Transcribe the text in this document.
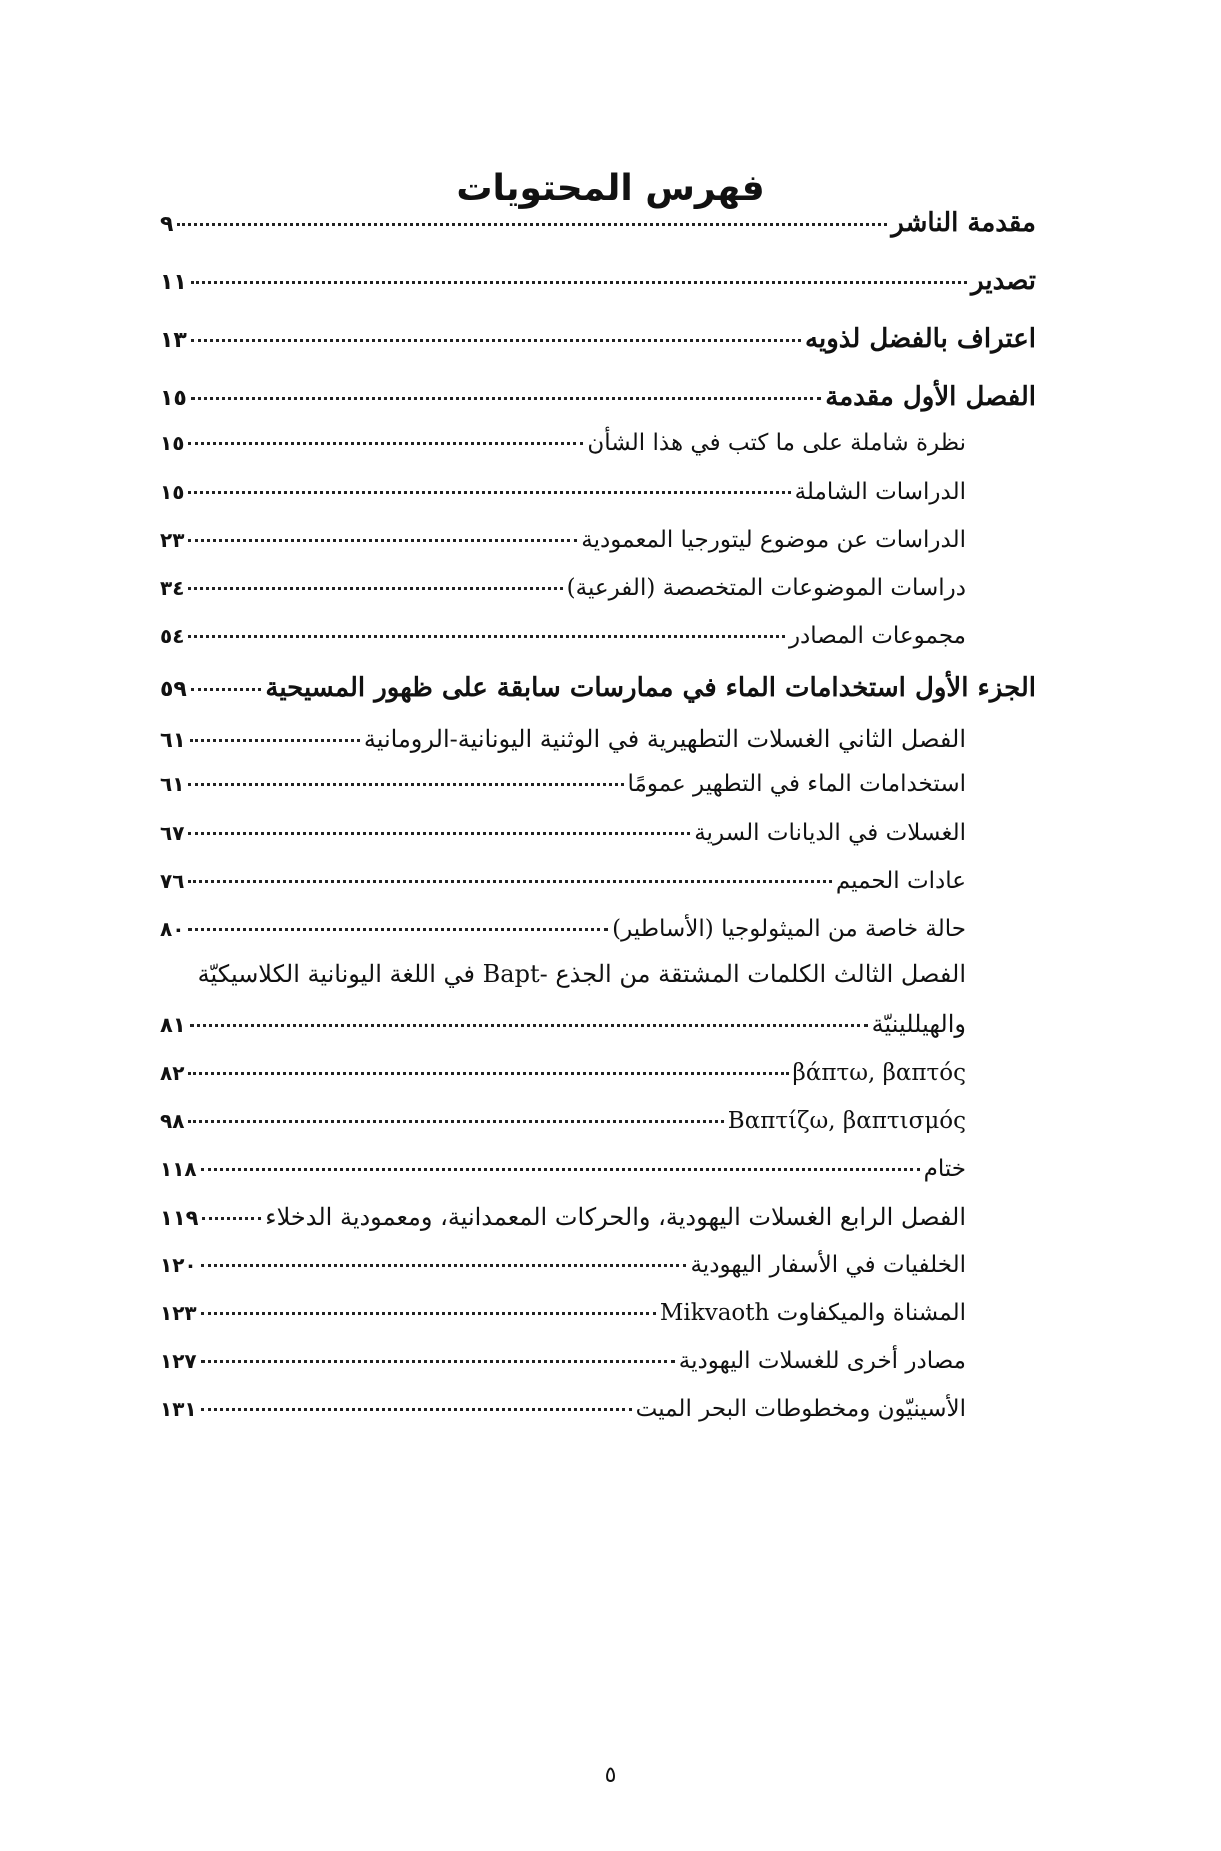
فهرس المحتويات
مقدمة الناشر
٩
تصدير
١١
اعتراف بالفضل لذويه
١٣
الفصل الأول مقدمة
١٥
نظرة شاملة على ما كتب في هذا الشأن
١٥
الدراسات الشاملة
١٥
الدراسات عن موضوع ليتورجيا المعمودية
٢٣
دراسات الموضوعات المتخصصة (الفرعية)
٣٤
مجموعات المصادر
٥٤
الجزء الأول استخدامات الماء في ممارسات سابقة على ظهور المسيحية
٥٩
الفصل الثاني الغسلات التطهيرية في الوثنية اليونانية-الرومانية
٦١
استخدامات الماء في التطهير عمومًا
٦١
الغسلات في الديانات السرية
٦٧
عادات الحميم
٧٦
حالة خاصة من الميثولوجيا (الأساطير)
٨٠
الفصل الثالث الكلمات المشتقة من الجذع -Bapt في اللغة اليونانية الكلاسيكيّة
والهيللينيّة
٨١
βάπτω, βαπτός
٨٢
Βαπτίζω, βαπτισμός
٩٨
ختام
١١٨
الفصل الرابع الغسلات اليهودية، والحركات المعمدانية، ومعمودية الدخلاء
١١٩
الخلفيات في الأسفار اليهودية
١٢٠
المشناة والميكفاوت Mikvaoth
١٢٣
مصادر أخرى للغسلات اليهودية
١٢٧
الأسينيّون ومخطوطات البحر الميت
١٣١
٥
